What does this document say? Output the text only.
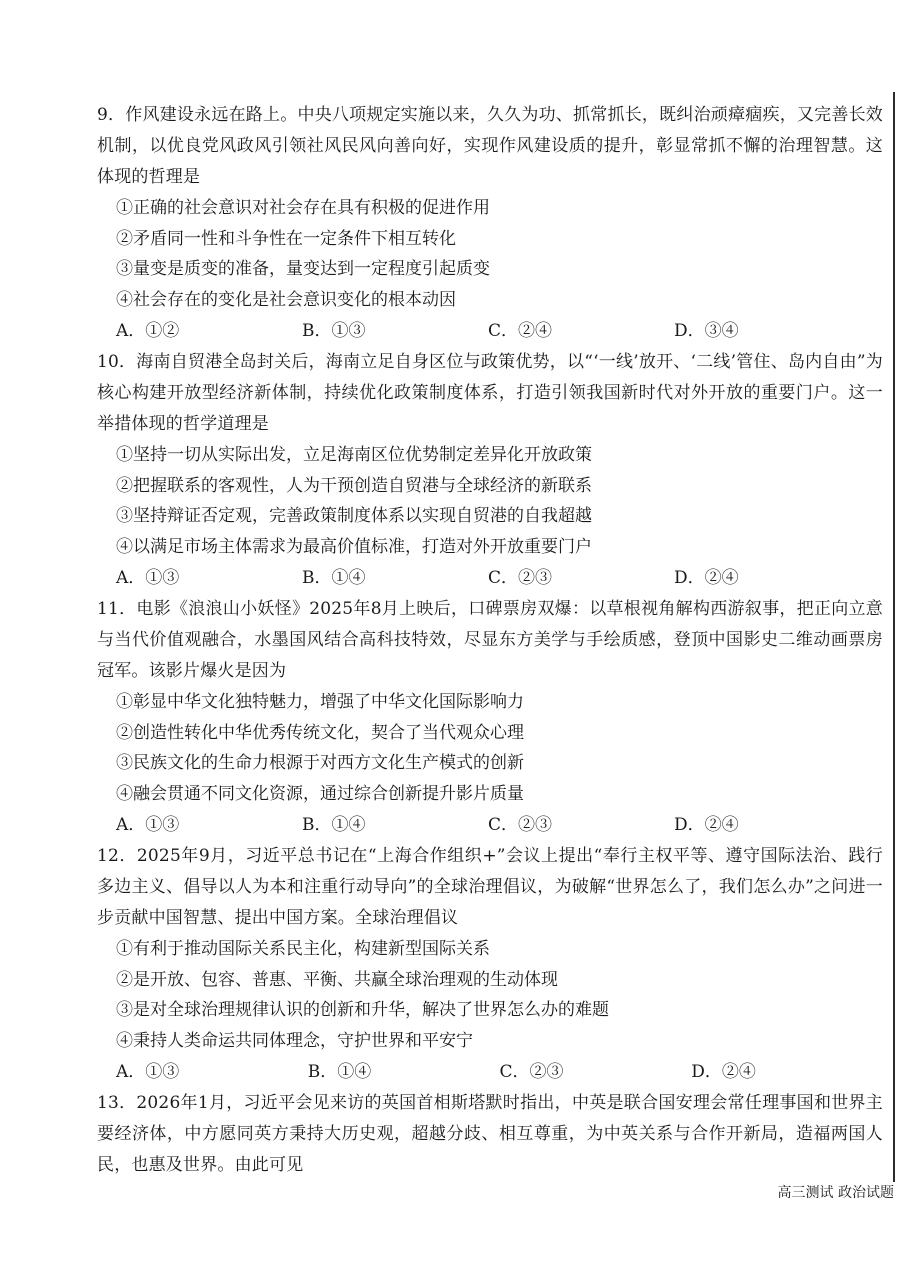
9．作风建设永远在路上。中央八项规定实施以来，久久为功、抓常抓长，既纠治顽瘴痼疾，又完善长效机制，以优良党风政风引领社风民风向善向好，实现作风建设质的提升，彰显常抓不懈的治理智慧。这体现的哲理是

①正确的社会意识对社会存在具有积极的促进作用
②矛盾同一性和斗争性在一定条件下相互转化
③量变是质变的准备，量变达到一定程度引起质变
④社会存在的变化是社会意识变化的根本动因
A．①②	B．①③	C．②④	D．③④

10．海南自贸港全岛封关后，海南立足自身区位与政策优势，以“‘一线’放开、‘二线’管住、岛内自由”为核心构建开放型经济新体制，持续优化政策制度体系，打造引领我国新时代对外开放的重要门户。这一举措体现的哲学道理是

①坚持一切从实际出发，立足海南区位优势制定差异化开放政策
②把握联系的客观性，人为干预创造自贸港与全球经济的新联系
③坚持辩证否定观，完善政策制度体系以实现自贸港的自我超越
④以满足市场主体需求为最高价值标准，打造对外开放重要门户
A．①③	B．①④	C．②③	D．②④

11．电影《浪浪山小妖怪》2025年8月上映后，口碑票房双爆：以草根视角解构西游叙事，把正向立意与当代价值观融合，水墨国风结合高科技特效，尽显东方美学与手绘质感，登顶中国影史二维动画票房冠军。该影片爆火是因为

①彰显中华文化独特魅力，增强了中华文化国际影响力
②创造性转化中华优秀传统文化，契合了当代观众心理
③民族文化的生命力根源于对西方文化生产模式的创新
④融会贯通不同文化资源，通过综合创新提升影片质量
A．①③	B．①④	C．②③	D．②④

12．2025年9月，习近平总书记在“上海合作组织+”会议上提出“奉行主权平等、遵守国际法治、践行多边主义、倡导以人为本和注重行动导向”的全球治理倡议，为破解“世界怎么了，我们怎么办”之问进一步贡献中国智慧、提出中国方案。全球治理倡议

①有利于推动国际关系民主化，构建新型国际关系
②是开放、包容、普惠、平衡、共赢全球治理观的生动体现
③是对全球治理规律认识的创新和升华，解决了世界怎么办的难题
④秉持人类命运共同体理念，守护世界和平安宁
A．①③	B．①④	C．②③	D．②④

13．2026年1月，习近平会见来访的英国首相斯塔默时指出，中英是联合国安理会常任理事国和世界主要经济体，中方愿同英方秉持大历史观，超越分歧、相互尊重，为中英关系与合作开新局，造福两国人民，也惠及世界。由此可见

高三测试 政治试题
